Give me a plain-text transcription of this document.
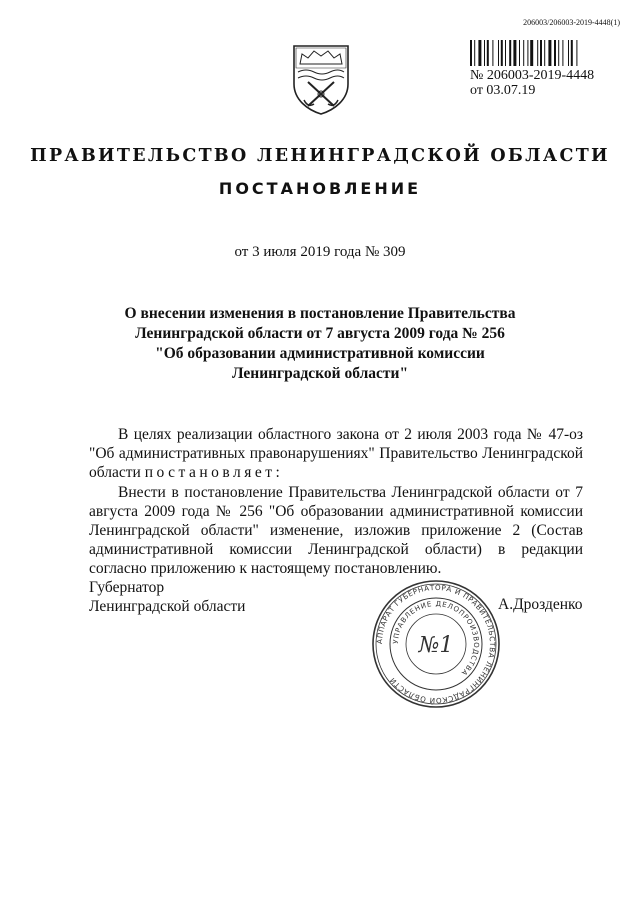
206003/206003-2019-4448(1)
№ 206003-2019-4448
от 03.07.19
ПРАВИТЕЛЬСТВО ЛЕНИНГРАДСКОЙ ОБЛАСТИ
ПОСТАНОВЛЕНИЕ
от 3 июля 2019 года № 309
О внесении изменения в постановление Правительства
Ленинградской области от 7 августа 2009 года № 256
"Об образовании административной комиссии
Ленинградской области"
В целях реализации областного закона от 2 июля 2003 года № 47-оз "Об административных правонарушениях" Правительство Ленинградской области постановляет:
Внести в постановление Правительства Ленинградской области от 7 августа 2009 года № 256 "Об образовании административной комиссии Ленинградской области" изменение, изложив приложение 2 (Состав административной комиссии Ленинградской области) в редакции согласно приложению к настоящему постановлению.
Губернатор
Ленинградской области	А.Дрозденко
АППАРАТ ГУБЕРНАТОРА И ПРАВИТЕЛЬСТВА ЛЕНИНГРАДСКОЙ ОБЛАСТИ
УПРАВЛЕНИЕ ДЕЛОПРОИЗВОДСТВА
№1
